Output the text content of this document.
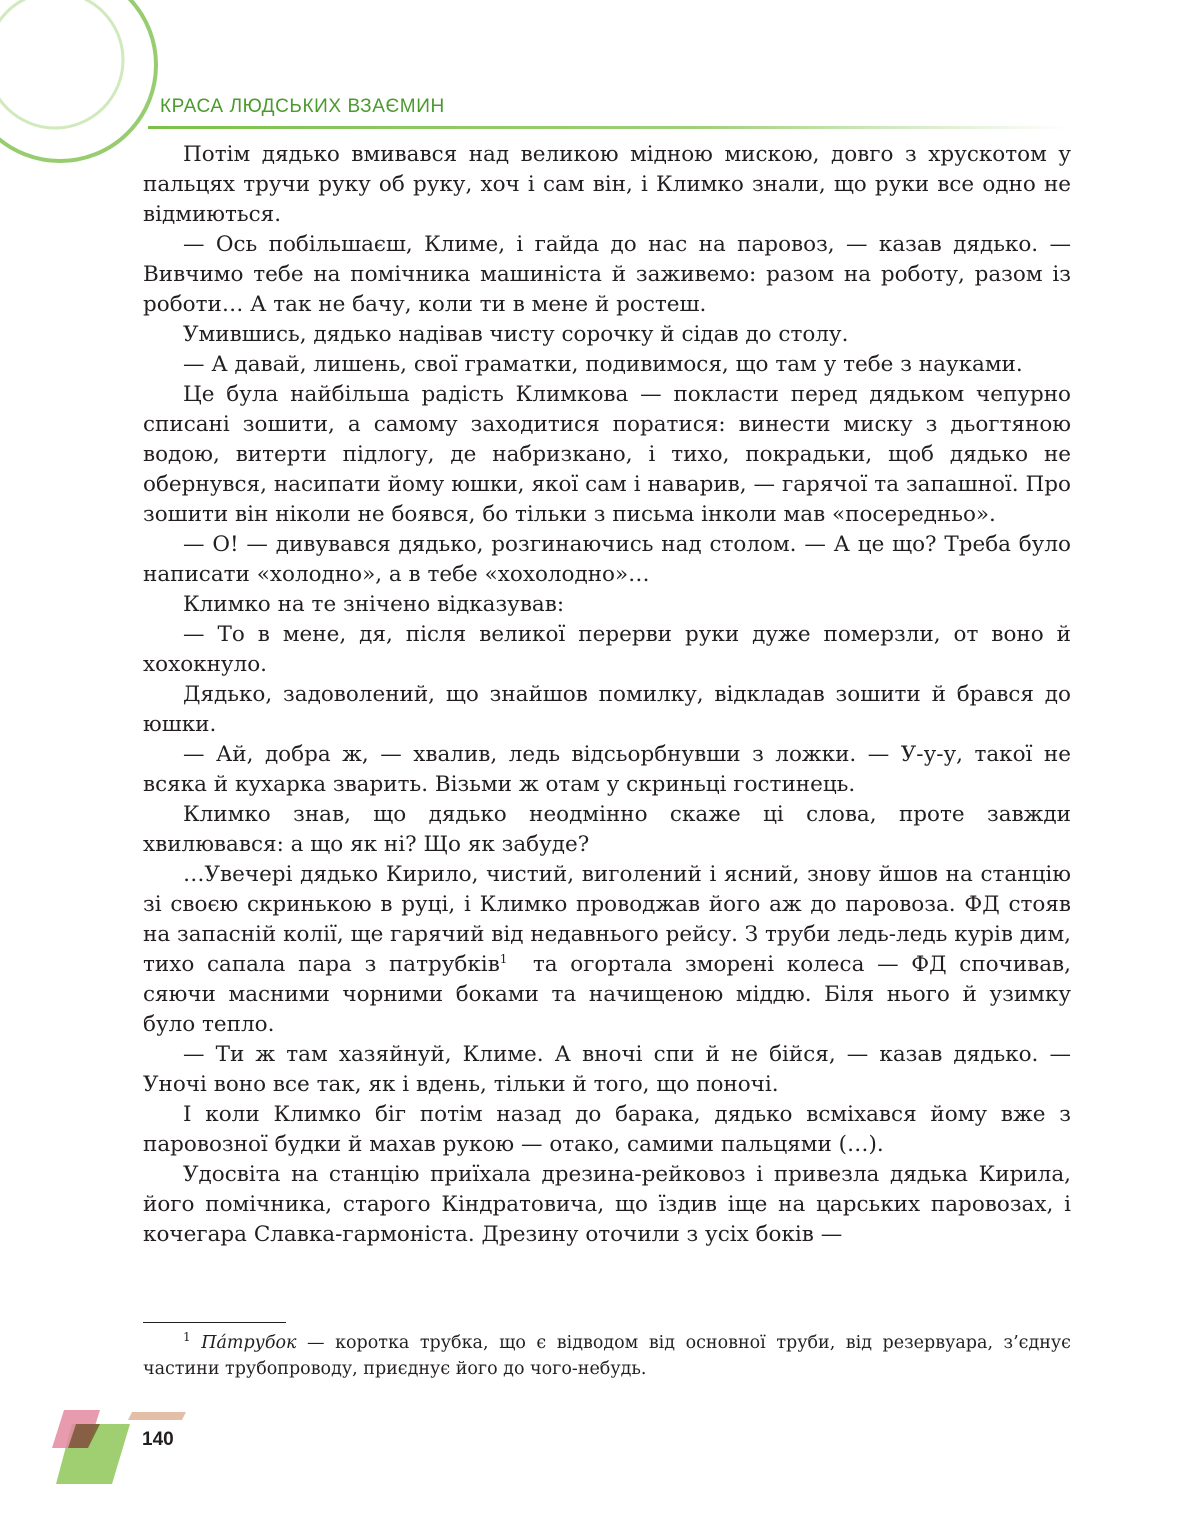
КРАСА ЛЮДСЬКИХ ВЗАЄМИН

Потім дядько вмивався над великою мідною мискою, довго з хрускотом у пальцях тручи руку об руку, хоч і сам він, і Климко знали, що руки все одно не відмиються.

— Ось побільшаєш, Климе, і гайда до нас на паровоз, — казав дядько. — Вивчимо тебе на помічника машиніста й заживемо: разом на роботу, разом із роботи… А так не бачу, коли ти в мене й ростеш.

Умившись, дядько надівав чисту сорочку й сідав до столу.

— А давай, лишень, свої граматки, подивимося, що там у тебе з науками.

Це була найбільша радість Климкова — покласти перед дядьком чепурно списані зошити, а самому заходитися поратися: винести миску з дьогтяною водою, витерти підлогу, де набризкано, і тихо, покрадьки, щоб дядько не обернувся, насипати йому юшки, якої сам і наварив, — гарячої та запашної. Про зошити він ніколи не боявся, бо тільки з письма інколи мав «посередньо».

— О! — дивувався дядько, розгинаючись над столом. — А це що? Треба було написати «холодно», а в тебе «хохолодно»…

Климко на те знічено відказував:

— То в мене, дя, після великої перерви руки дуже померзли, от воно й хохокнуло.

Дядько, задоволений, що знайшов помилку, відкладав зошити й брався до юшки.

— Ай, добра ж, — хвалив, ледь відсьорбнувши з ложки. — У-у-у, такої не всяка й кухарка зварить. Візьми ж отам у скриньці гостинець.

Климко знав, що дядько неодмінно скаже ці слова, проте завжди хвилювався: а що як ні? Що як забуде?

…Увечері дядько Кирило, чистий, виголений і ясний, знову йшов на станцію зі своєю скринькою в руці, і Климко проводжав його аж до паровоза. ФД стояв на запасній колії, ще гарячий від недавнього рейсу. З труби ледь-ледь курів дим, тихо сапала пара з патрубків$^1$ та огортала зморені колеса — ФД спочивав, сяючи масними чорними боками та начищеною міддю. Біля нього й узимку було тепло.

— Ти ж там хазяйнуй, Климе. А вночі спи й не бійся, — казав дядько. — Уночі воно все так, як і вдень, тільки й того, що поночі.

І коли Климко біг потім назад до барака, дядько всміхався йому вже з паровозної будки й махав рукою — отако, самими пальцями (…).

Удосвіта на станцію приїхала дрезина-рейковоз і привезла дядька Кирила, його помічника, старого Кіндратовича, що їздив іще на царських паровозах, і кочегара Славка-гармоніста. Дрезину оточили з усіх боків —

$^1$ Па́трубок — коротка трубка, що є відводом від основної труби, від резервуара, з’єднує частини трубопроводу, приєднує його до чого-небудь.
140
